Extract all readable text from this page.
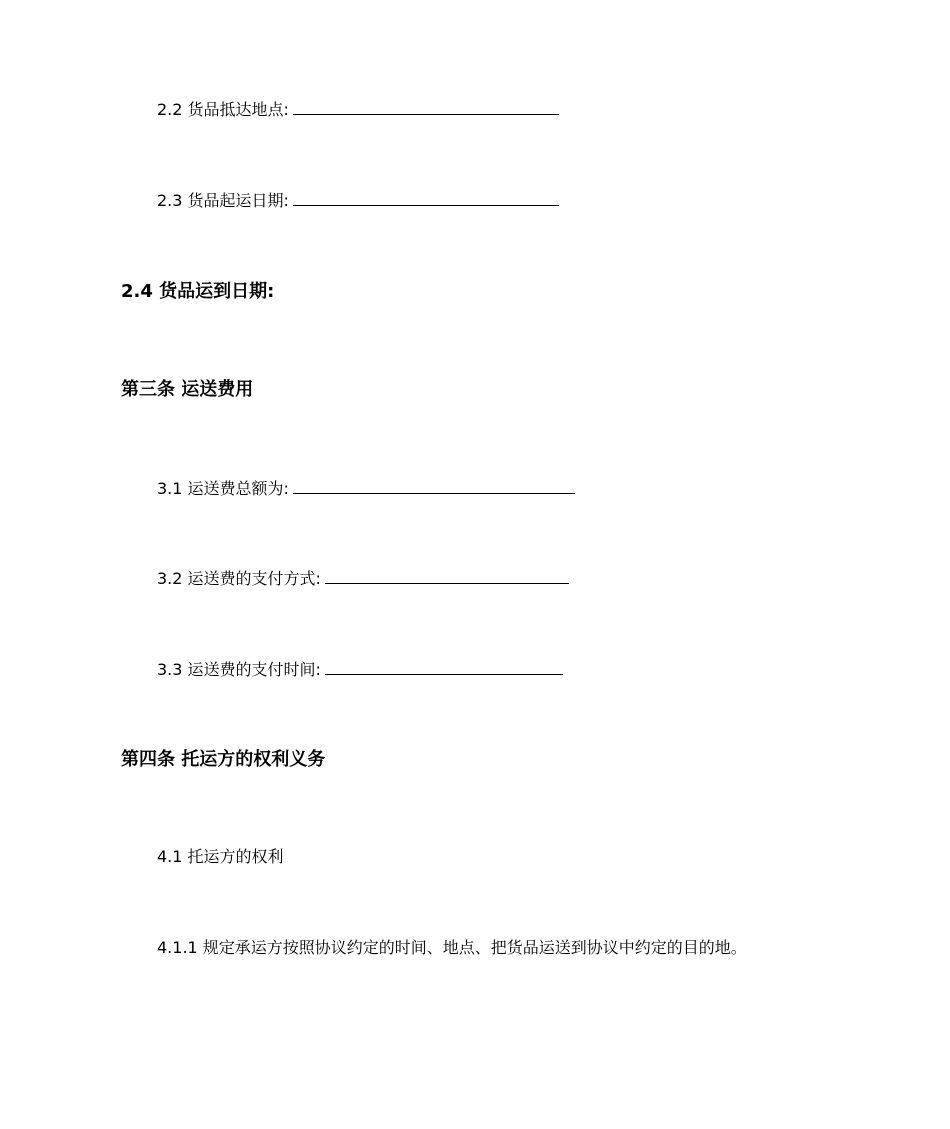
2.2 货品抵达地点:
2.3 货品起运日期:
2.4 货品运到日期:
第三条 运送费用
3.1 运送费总额为:
3.2 运送费的支付方式:
3.3 运送费的支付时间:
第四条 托运方的权利义务
4.1 托运方的权利
4.1.1 规定承运方按照协议约定的时间、地点、把货品运送到协议中约定的目的地。
